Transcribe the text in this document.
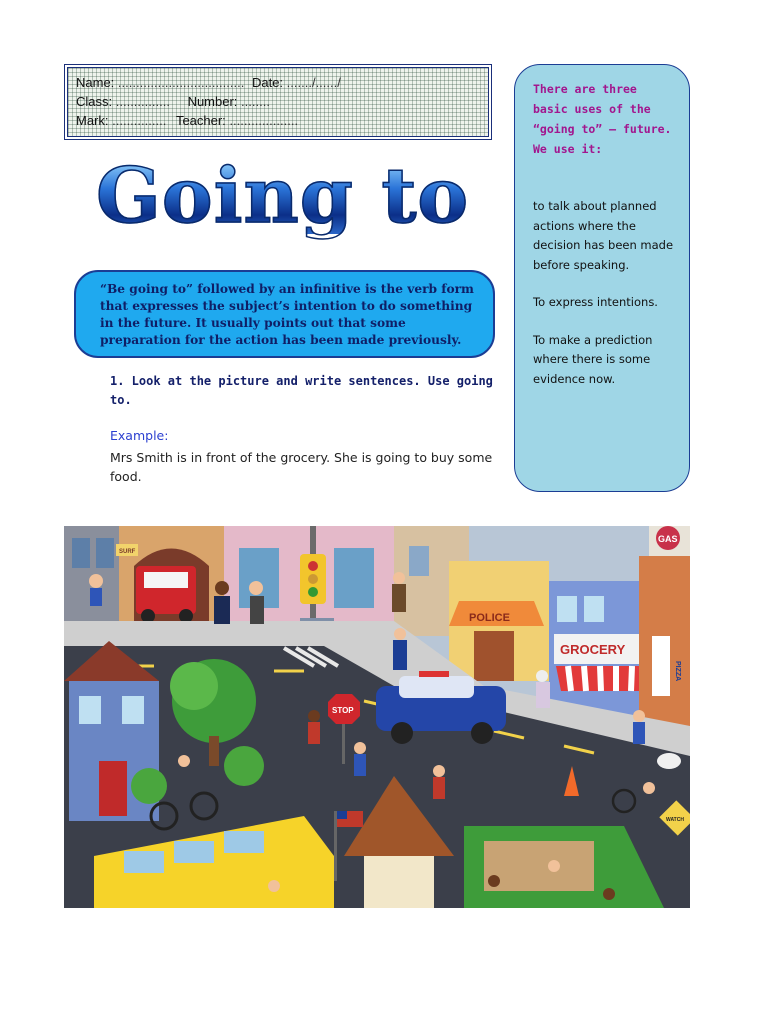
Name: ................................... Date: ......./....../
Class: ............... Number: ........
Mark: ............... Teacher: ...................
Going to
“Be going to” followed by an infinitive is the verb form that expresses the subject’s intention to do something in the future. It usually points out that some preparation for the action has been made previously.

There are three basic uses of the “going to” – future. We use it:

to talk about planned actions where the decision has been made before speaking.

To express intentions.

To make a prediction where there is some evidence now.

1. Look at the picture and write sentences. Use going to.

Example:
Mrs Smith is in front of the grocery. She is going to buy some food.
SURF
POLICE
GROCERY
GAS
PIZZA
STOP
WATCH
